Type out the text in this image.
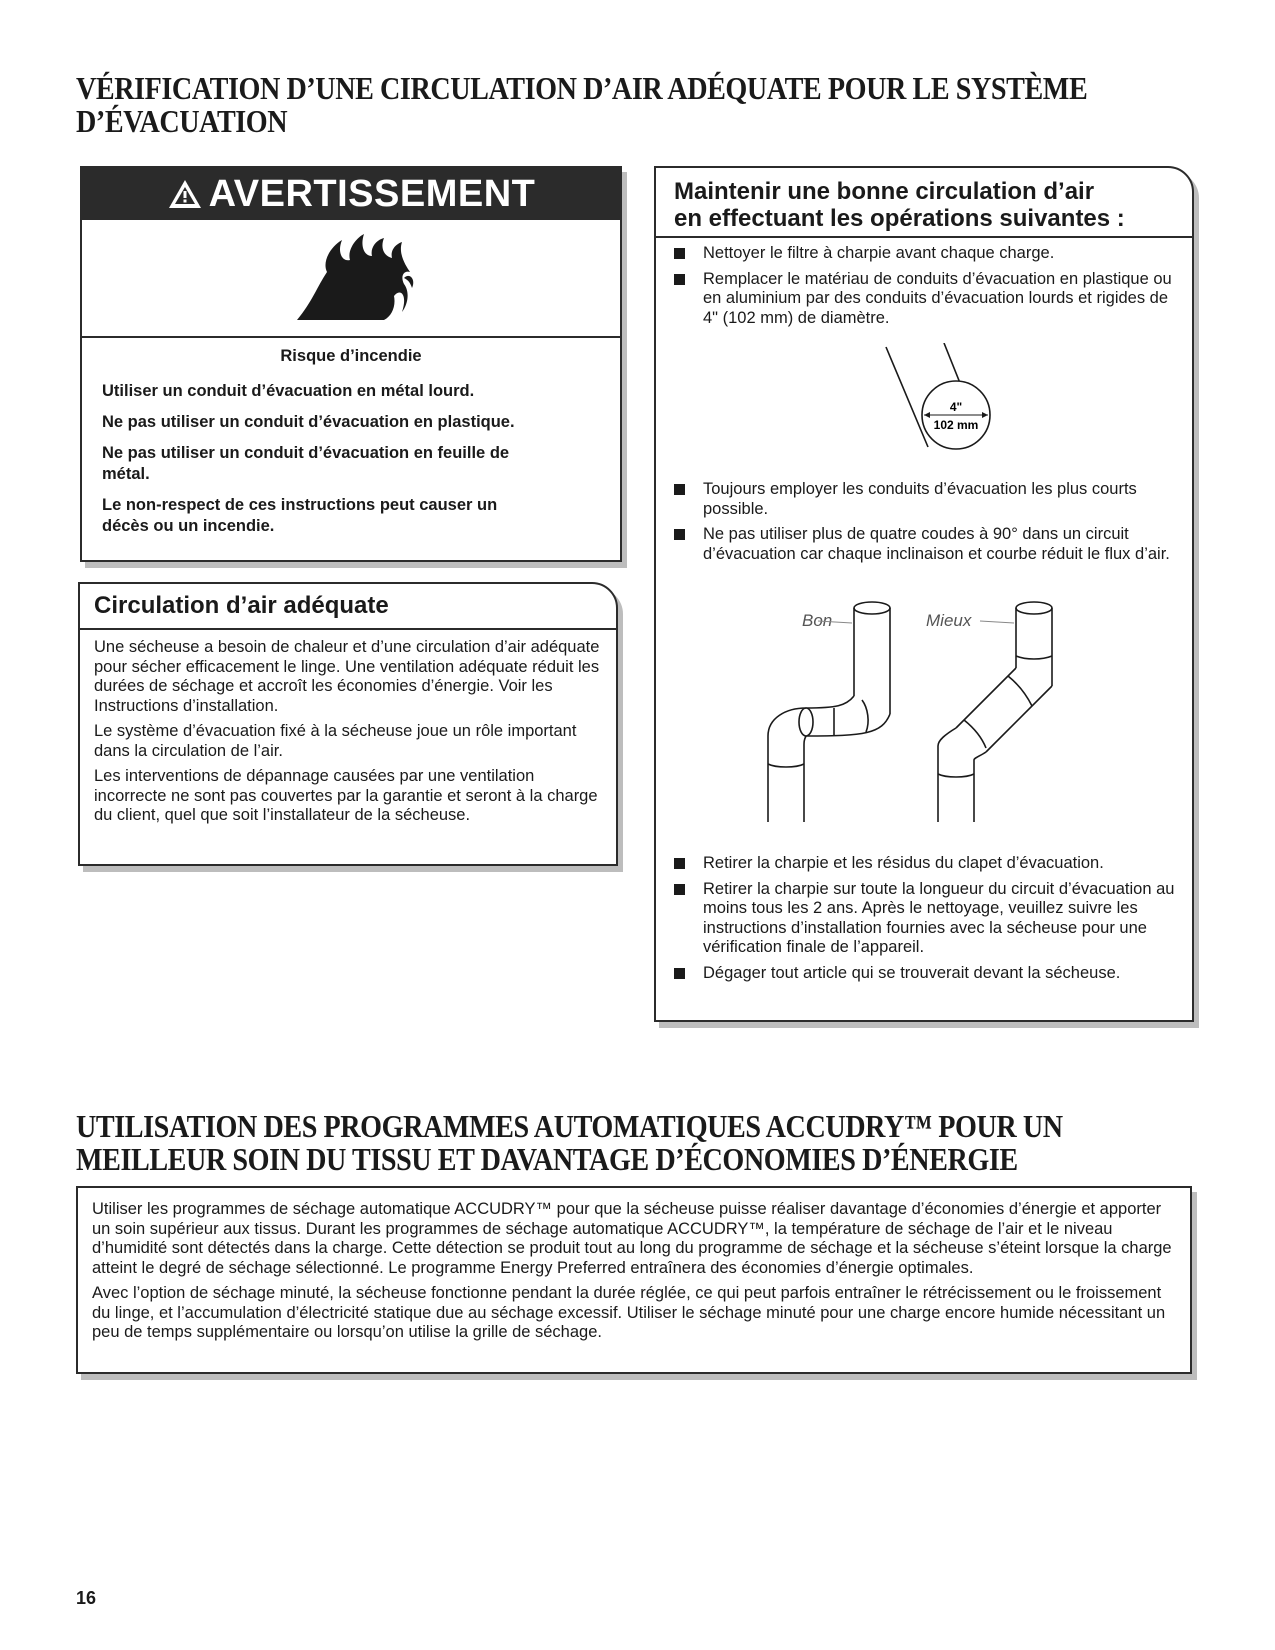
VÉRIFICATION D’UNE CIRCULATION D’AIR ADÉQUATE POUR LE SYSTÈME
D’ÉVACUATION
AVERTISSEMENT

Risque d’incendie

Utiliser un conduit d’évacuation en métal lourd.

Ne pas utiliser un conduit d’évacuation en plastique.

Ne pas utiliser un conduit d’évacuation en feuille de métal.

Le non-respect de ces instructions peut causer un décès ou un incendie.

Circulation d’air adéquate

Une sécheuse a besoin de chaleur et d’une circulation d’air adéquate pour sécher efficacement le linge. Une ventilation adéquate réduit les durées de séchage et accroît les économies d’énergie. Voir les Instructions d’installation.

Le système d’évacuation fixé à la sécheuse joue un rôle important dans la circulation de l’air.

Les interventions de dépannage causées par une ventilation incorrecte ne sont pas couvertes par la garantie et seront à la charge du client, quel que soit l’installateur de la sécheuse.

Maintenir une bonne circulation d’air
en effectuant les opérations suivantes :
Nettoyer le filtre à charpie avant chaque charge.
Remplacer le matériau de conduits d’évacuation en plastique ou en aluminium par des conduits d’évacuation lourds et rigides de 4" (102 mm) de diamètre.
4"
102 mm
Toujours employer les conduits d’évacuation les plus courts possible.
Ne pas utiliser plus de quatre coudes à 90° dans un circuit d’évacuation car chaque inclinaison et courbe réduit le flux d’air.
Bon	Mieux
Retirer la charpie et les résidus du clapet d’évacuation.
Retirer la charpie sur toute la longueur du circuit d’évacuation au moins tous les 2 ans. Après le nettoyage, veuillez suivre les instructions d’installation fournies avec la sécheuse pour une vérification finale de l’appareil.
Dégager tout article qui se trouverait devant la sécheuse.
UTILISATION DES PROGRAMMES AUTOMATIQUES ACCUDRY™ POUR UN
MEILLEUR SOIN DU TISSU ET DAVANTAGE D’ÉCONOMIES D’ÉNERGIE

Utiliser les programmes de séchage automatique ACCUDRY™ pour que la sécheuse puisse réaliser davantage d’économies d’énergie et apporter un soin supérieur aux tissus. Durant les programmes de séchage automatique ACCUDRY™, la température de séchage de l’air et le niveau d’humidité sont détectés dans la charge. Cette détection se produit tout au long du programme de séchage et la sécheuse s’éteint lorsque la charge atteint le degré de séchage sélectionné. Le programme Energy Preferred entraînera des économies d’énergie optimales.

Avec l’option de séchage minuté, la sécheuse fonctionne pendant la durée réglée, ce qui peut parfois entraîner le rétrécissement ou le froissement du linge, et l’accumulation d’électricité statique due au séchage excessif. Utiliser le séchage minuté pour une charge encore humide nécessitant un peu de temps supplémentaire ou lorsqu’on utilise la grille de séchage.

16
